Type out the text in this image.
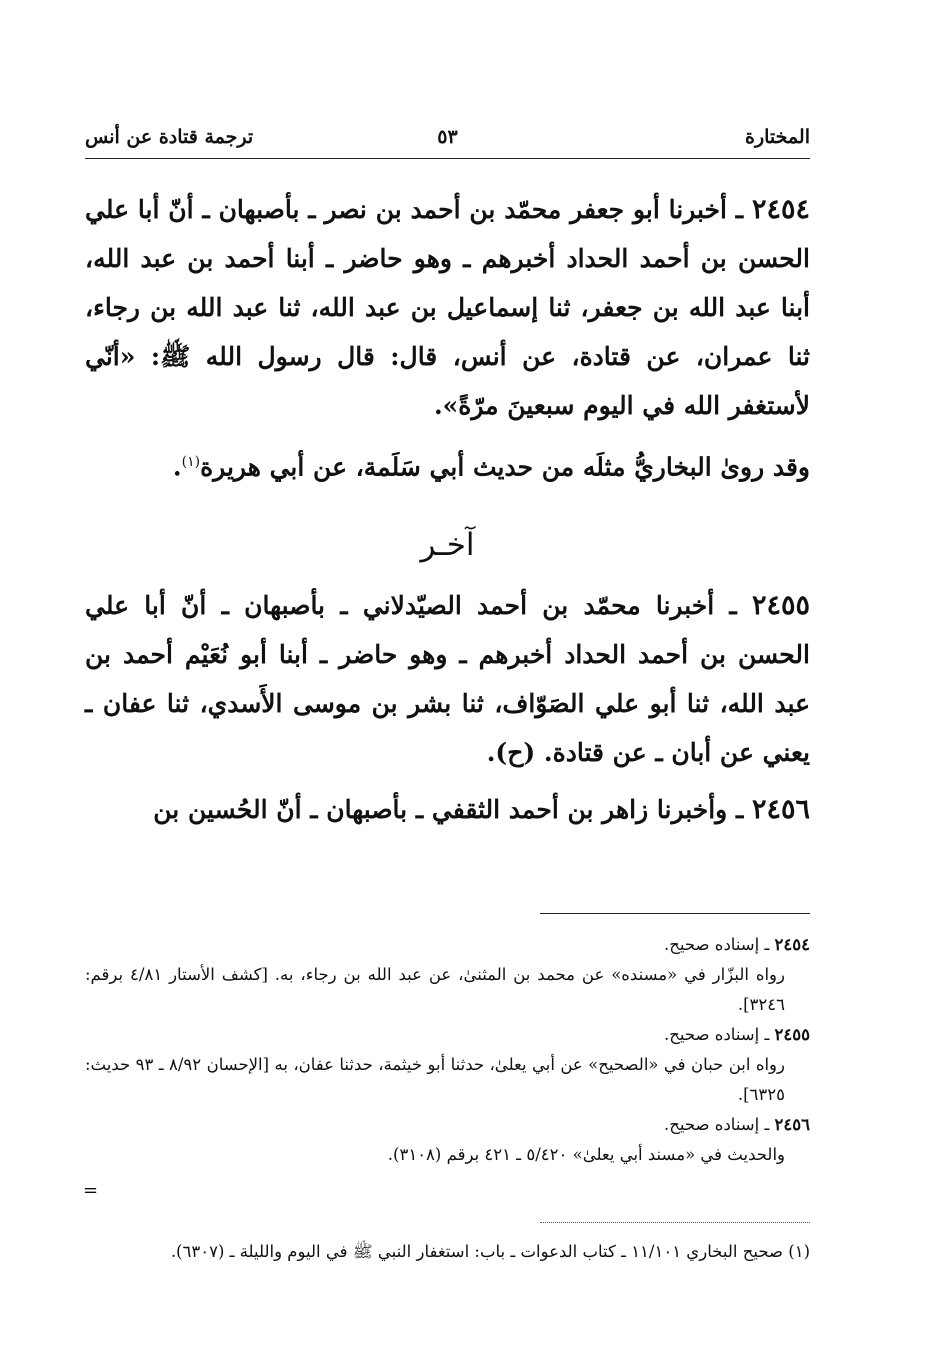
المختارة
٥٣
ترجمة قتادة عن أنس

٢٤٥٤ ـ أخبرنا أبو جعفر محمّد بن أحمد بن نصر ـ بأصبهان ـ أنّ أبا علي الحسن بن أحمد الحداد أخبرهم ـ وهو حاضر ـ أبنا أحمد بن عبد الله، أبنا عبد الله بن جعفر، ثنا إسماعيل بن عبد الله، ثنا عبد الله بن رجاء، ثنا عمران، عن قتادة، عن أنس، قال: قال رسول الله ﷺ: «أنّي لأستغفر الله في اليوم سبعينَ مرّةً».

وقد روىٰ البخاريُّ مثلَه من حديث أبي سَلَمة، عن أبي هريرة$^{(١)}$.

آخـر

٢٤٥٥ ـ أخبرنا محمّد بن أحمد الصيّدلاني ـ بأصبهان ـ أنّ أبا علي الحسن بن أحمد الحداد أخبرهم ـ وهو حاضر ـ أبنا أبو نُعَيْم أحمد بن عبد الله، ثنا أبو علي الصَوّاف، ثنا بشر بن موسى الأَسدي، ثنا عفان ـ يعني عن أبان ـ عن قتادة. (ح).

٢٤٥٦ ـ وأخبرنا زاهر بن أحمد الثقفي ـ بأصبهان ـ أنّ الحُسين بن

٢٤٥٤ ـ إسناده صحيح.

رواه البزّار في «مسنده» عن محمد بن المثنىٰ، عن عبد الله بن رجاء، به. [كشف الأستار ٤/٨١ برقم: ٣٢٤٦].

٢٤٥٥ ـ إسناده صحيح.

رواه ابن حبان في «الصحيح» عن أبي يعلىٰ، حدثنا أبو خيثمة، حدثنا عفان، به [الإحسان ٨/٩٢ ـ ٩٣ حديث: ٦٣٢٥].

٢٤٥٦ ـ إسناده صحيح.

والحديث في «مسند أبي يعلىٰ» ٥/٤٢٠ ـ ٤٢١ برقم (٣١٠٨).

=

(١) صحيح البخاري ١١/١٠١ ـ كتاب الدعوات ـ باب: استغفار النبي ﷺ في اليوم والليلة ـ (٦٣٠٧).
